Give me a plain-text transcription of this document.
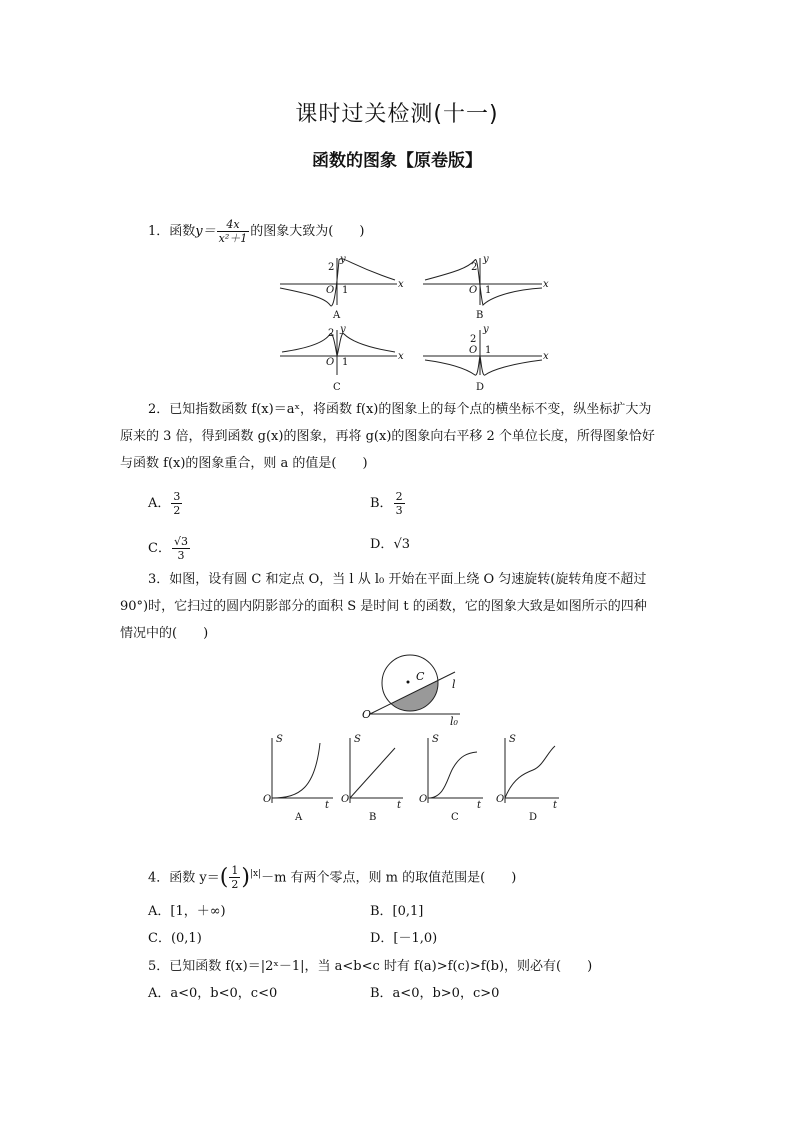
课时过关检测(十一)
函数的图象【原卷版】
1．函数$y= \frac{4x}{\text{x²＋1}}$ 的图象大致为(　　)
x
y
O 1
2
A
x
y
O 1
2
B
x
y
O 1
2
C
x
y
O 1
2
D
2．已知指数函数 f(x)＝aˣ，将函数 f(x)的图象上的每个点的横坐标不变，纵坐标扩大为
原来的 3 倍，得到函数 g(x)的图象，再将 g(x)的图象向右平移 2 个单位长度，所得图象恰好
与函数 f(x)的图象重合，则 a 的值是(　　)
A． $\frac{3}{2}$	B． $\frac{2}{3}$
C． $\frac{√3}{3}$	D．√3
3．如图，设有圆 C 和定点 O，当 l 从 l₀ 开始在平面上绕 O 匀速旋转(旋转角度不超过
90°)时，它扫过的圆内阴影部分的面积 S 是时间 t 的函数，它的图象大致是如图所示的四种
情况中的(　　)
C
l
l₀
O
S
O
t
A
S
O
t
B
S
O
t
C
S
O
t
D
4．函数 $y=( \frac{1}{2} )^{|x|}-m$ 有两个零点，则 m 的取值范围是(　　)
A．[1，＋∞)	B．[0,1]
C．(0,1)	D．[－1,0)
5．已知函数 f(x)＝|2ˣ－1|，当 a<b<c 时有 f(a)>f(c)>f(b)，则必有(　　)
A．a<0，b<0，c<0	B．a<0，b>0，c>0
